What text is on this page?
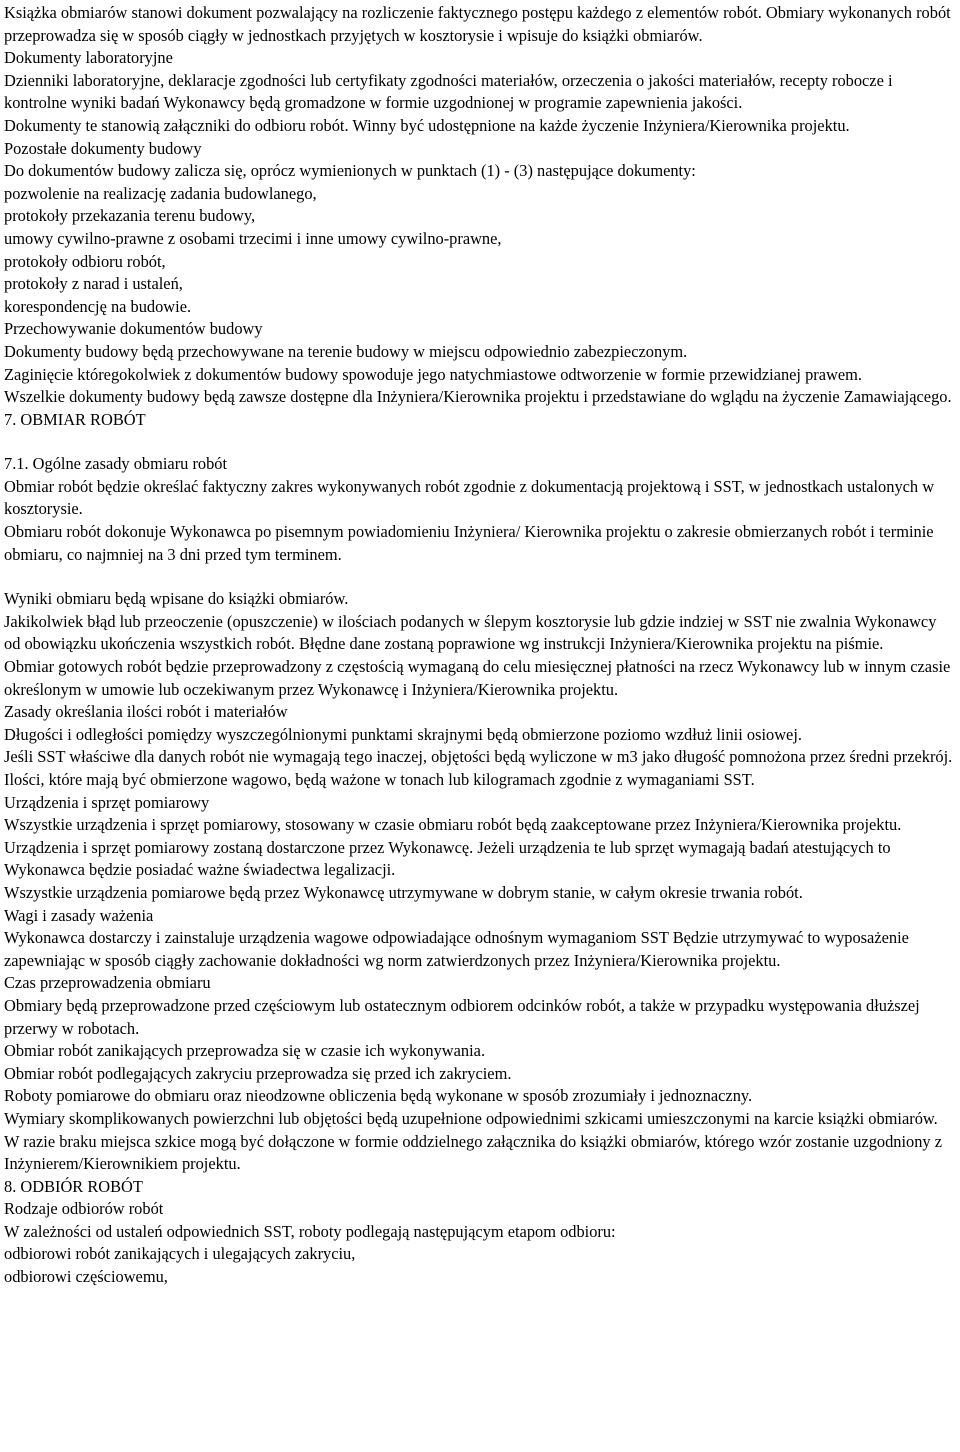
Książka obmiarów stanowi dokument pozwalający na rozliczenie faktycznego postępu każdego z elementów robót. Obmiary wykonanych robót przeprowadza się w sposób ciągły w jednostkach przyjętych w kosztorysie i wpisuje do książki obmiarów.

Dokumenty laboratoryjne

Dzienniki laboratoryjne, deklaracje zgodności lub certyfikaty zgodności materiałów, orzeczenia o jakości materiałów, recepty robocze i kontrolne wyniki badań Wykonawcy będą gromadzone w formie uzgodnionej w programie zapewnienia jakości.

Dokumenty te stanowią załączniki do odbioru robót. Winny być udostępnione na każde życzenie Inżyniera/Kierownika projektu.

Pozostałe dokumenty budowy

Do dokumentów budowy zalicza się, oprócz wymienionych w punktach (1) - (3) następujące dokumenty:

pozwolenie na realizację zadania budowlanego,

protokoły przekazania terenu budowy,

umowy cywilno-prawne z osobami trzecimi i inne umowy cywilno-prawne,

protokoły odbioru robót,

protokoły z narad i ustaleń,

korespondencję na budowie.

Przechowywanie dokumentów budowy

Dokumenty budowy będą przechowywane na terenie budowy w miejscu odpowiednio zabezpieczonym.

Zaginięcie któregokolwiek z dokumentów budowy spowoduje jego natychmiastowe odtworzenie w formie przewidzianej prawem.

Wszelkie dokumenty budowy będą zawsze dostępne dla Inżyniera/Kierownika projektu i przedstawiane do wglądu na życzenie Zamawiającego.

7. OBMIAR ROBÓT

7.1. Ogólne zasady obmiaru robót

Obmiar robót będzie określać faktyczny zakres wykonywanych robót zgodnie z dokumentacją projektową i SST, w jednostkach ustalonych w kosztorysie.

Obmiaru robót dokonuje Wykonawca po pisemnym powiadomieniu Inżyniera/ Kierownika projektu o zakresie obmierzanych robót i terminie obmiaru, co najmniej na 3 dni przed tym terminem.

Wyniki obmiaru będą wpisane do książki obmiarów.

Jakikolwiek błąd lub przeoczenie (opuszczenie) w ilościach podanych w ślepym kosztorysie lub gdzie indziej w SST nie zwalnia Wykonawcy od obowiązku ukończenia wszystkich robót. Błędne dane zostaną poprawione wg instrukcji Inżyniera/Kierownika projektu na piśmie.

Obmiar gotowych robót będzie przeprowadzony z częstością wymaganą do celu miesięcznej płatności na rzecz Wykonawcy lub w innym czasie określonym w umowie lub oczekiwanym przez Wykonawcę i Inżyniera/Kierownika projektu.

Zasady określania ilości robót i materiałów

Długości i odległości pomiędzy wyszczególnionymi punktami skrajnymi będą obmierzone poziomo wzdłuż linii osiowej.

Jeśli SST właściwe dla danych robót nie wymagają tego inaczej, objętości będą wyliczone w m3 jako długość pomnożona przez średni przekrój.

Ilości, które mają być obmierzone wagowo, będą ważone w tonach lub kilogramach zgodnie z wymaganiami SST.

Urządzenia i sprzęt pomiarowy

Wszystkie urządzenia i sprzęt pomiarowy, stosowany w czasie obmiaru robót będą zaakceptowane przez Inżyniera/Kierownika projektu.

Urządzenia i sprzęt pomiarowy zostaną dostarczone przez Wykonawcę. Jeżeli urządzenia te lub sprzęt wymagają badań atestujących to Wykonawca będzie posiadać ważne świadectwa legalizacji.

Wszystkie urządzenia pomiarowe będą przez Wykonawcę utrzymywane w dobrym stanie, w całym okresie trwania robót.

Wagi i zasady ważenia

Wykonawca dostarczy i zainstaluje urządzenia wagowe odpowiadające odnośnym wymaganiom SST Będzie utrzymywać to wyposażenie zapewniając w sposób ciągły zachowanie dokładności wg norm zatwierdzonych przez Inżyniera/Kierownika projektu.

Czas przeprowadzenia obmiaru

Obmiary będą przeprowadzone przed częściowym lub ostatecznym odbiorem odcinków robót, a także w przypadku występowania dłuższej przerwy w robotach.

Obmiar robót zanikających przeprowadza się w czasie ich wykonywania.

Obmiar robót podlegających zakryciu przeprowadza się przed ich zakryciem.

Roboty pomiarowe do obmiaru oraz nieodzowne obliczenia będą wykonane w sposób zrozumiały i jednoznaczny.

Wymiary skomplikowanych powierzchni lub objętości będą uzupełnione odpowiednimi szkicami umieszczonymi na karcie książki obmiarów. W razie braku miejsca szkice mogą być dołączone w formie oddzielnego załącznika do książki obmiarów, którego wzór zostanie uzgodniony z Inżynierem/Kierownikiem projektu.

8. ODBIÓR ROBÓT

Rodzaje odbiorów robót

W zależności od ustaleń odpowiednich SST, roboty podlegają następującym etapom odbioru:

odbiorowi robót zanikających i ulegających zakryciu,

odbiorowi częściowemu,
